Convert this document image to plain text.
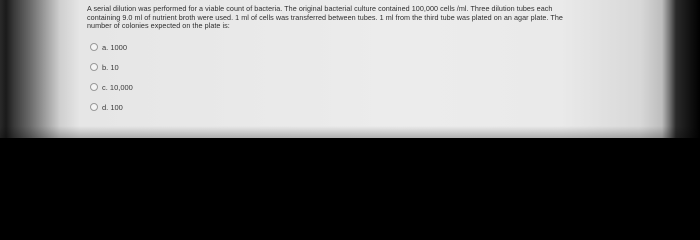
A serial dilution was performed for a viable count of bacteria. The original bacterial culture contained 100,000 cells /ml. Three dilution tubes each
containing 9.0 ml of nutrient broth were used. 1 ml of cells was transferred between tubes. 1 ml from the third tube was plated on an agar plate. The
number of colonies expected on the plate is:
a. 1000
b. 10
c. 10,000
d. 100
